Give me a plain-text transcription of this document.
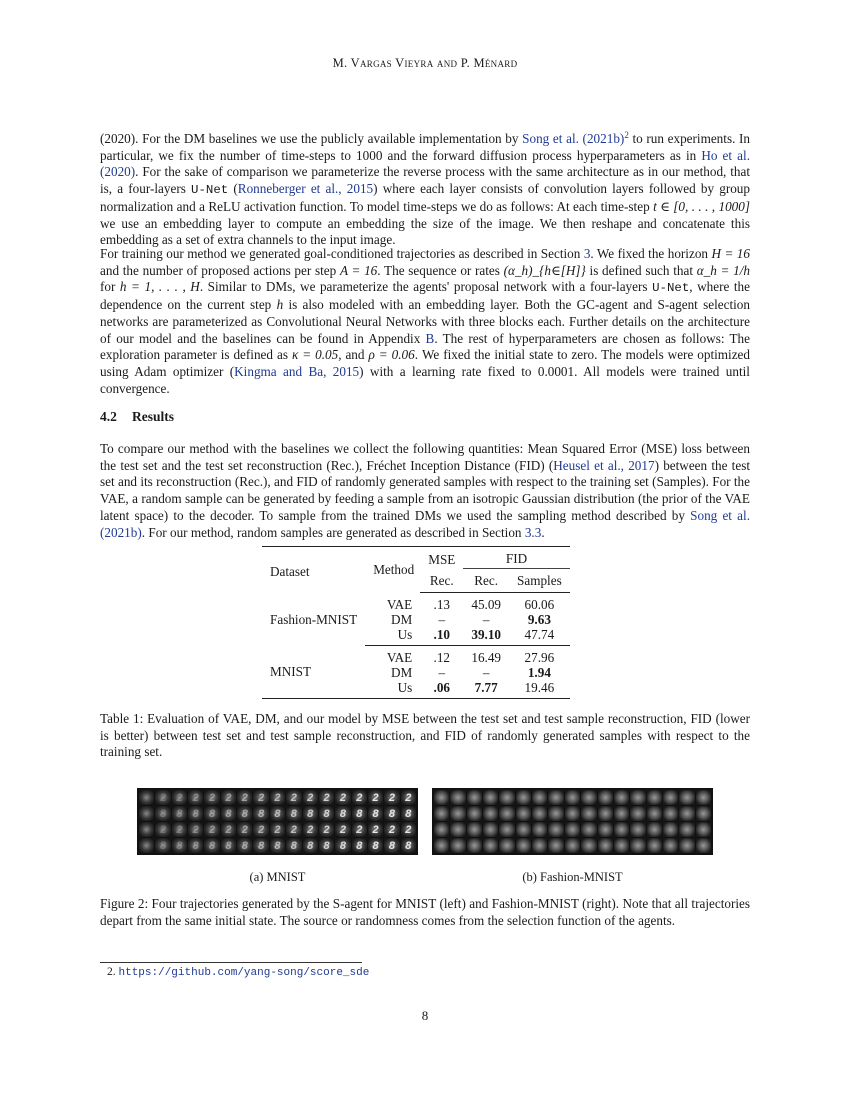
M. Vargas Vieyra and P. Ménard

(2020). For the DM baselines we use the publicly available implementation by Song et al. (2021b)$^2$ to run experiments. In particular, we fix the number of time-steps to 1000 and the forward diffusion process hyperparameters as in Ho et al. (2020). For the sake of comparison we parameterize the reverse process with the same architecture as in our method, that is, a four-layers U-Net (Ronneberger et al., 2015) where each layer consists of convolution layers followed by group normalization and a ReLU activation function. To model time-steps we do as follows: At each time-step t ∈ [0, . . . , 1000] we use an embedding layer to compute an embedding the size of the image. We then reshape and concatenate this embedding as a set of extra channels to the input image.

For training our method we generated goal-conditioned trajectories as described in Section 3. We fixed the horizon H = 16 and the number of proposed actions per step A = 16. The sequence or rates (α_h)_{h∈[H]} is defined such that α_h = 1/h for h = 1, . . . , H. Similar to DMs, we parameterize the agents' proposal network with a four-layers U-Net, where the dependence on the current step h is also modeled with an embedding layer. Both the GC-agent and S-agent selection networks are parameterized as Convolutional Neural Networks with three blocks each. Further details on the architecture of our model and the baselines can be found in Appendix B. The rest of hyperparameters are chosen as follows: The exploration parameter is defined as κ = 0.05, and ρ = 0.06. We fixed the initial state to zero. The models were optimized using Adam optimizer (Kingma and Ba, 2015) with a learning rate fixed to 0.0001. All models were trained until convergence.

4.2 Results

To compare our method with the baselines we collect the following quantities: Mean Squared Error (MSE) loss between the test set and the test set reconstruction (Rec.), Fréchet Inception Distance (FID) (Heusel et al., 2017) between the test set and its reconstruction (Rec.), and FID of randomly generated samples with respect to the training set (Samples). For the VAE, a random sample can be generated by feeding a sample from an isotropic Gaussian distribution (the prior of the VAE latent space) to the decoder. To sample from the trained DMs we used the sampling method described by Song et al. (2021b). For our method, random samples are generated as described in Section 3.3.

Dataset	Method	MSE	FID	
		Rec.	Rec.	Samples
Fashion-MNIST	VAE	.13	45.09	60.06
	DM	–	–	9.63
	Us	.10	39.10	47.74
MNIST	VAE	.12	16.49	27.96
	DM	–	–	1.94
	Us	.06	7.77	19.46

Table 1: Evaluation of VAE, DM, and our model by MSE between the test set and test sample reconstruction, FID (lower is better) between test set and test sample reconstruction, and FID of randomly generated samples with respect to the training set.

2 2 2 2 2 2 2 2 2 2 2 2 2 2 2 2
8 8 8 8 8 8 8 8 8 8 8 8 8 8 8 8
2 2 2 2 2 2 2 2 2 2 2 2 2 2 2 2
8 8 8 8 8 8 8 8 8 8 8 8 8 8 8 8
(a) MNIST	(b) Fashion-MNIST

Figure 2: Four trajectories generated by the S-agent for MNIST (left) and Fashion-MNIST (right). Note that all trajectories depart from the same initial state. The source or randomness comes from the selection function of the agents.

2. https://github.com/yang-song/score_sde
8
